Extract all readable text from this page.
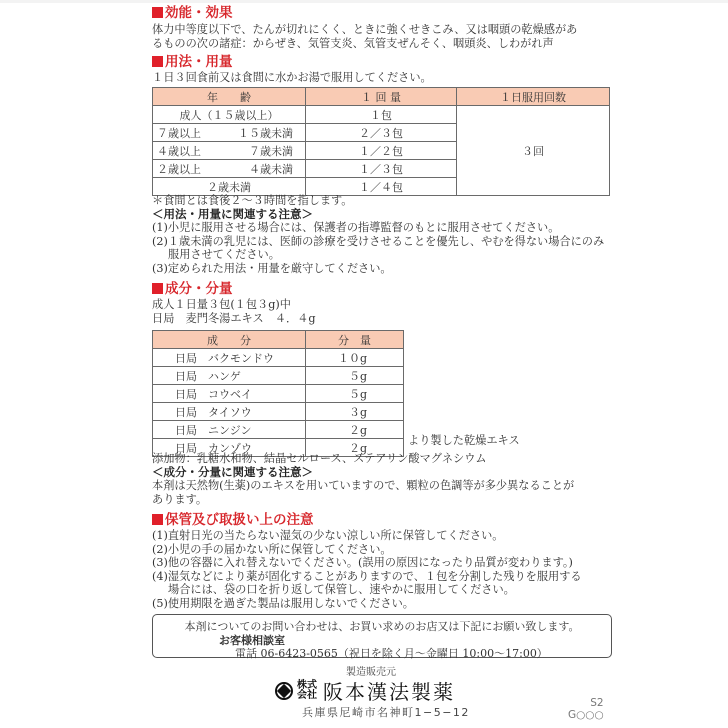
効能・効果
体力中等度以下で、たんが切れにくく、ときに強くせきこみ、又は咽頭の乾燥感があ
るものの次の諸症：からぜき、気管支炎、気管支ぜんそく、咽頭炎、しわがれ声
用法・用量
１日３回食前又は食間に水かお湯で服用してください。
年　　齢	１ 回 量	１日服用回数
成人（１５歳以上）	１包	３回

７歳以上 １５歳未満	２／３包	

４歳以上 ７歳未満	１／２包	

２歳以上 ４歳未満	１／３包	
２歳未満	１／４包	
＊食間とは食後２～３時間を指します。
＜用法・用量に関連する注意＞
(1)小児に服用させる場合には、保護者の指導監督のもとに服用させてください。
(2)１歳未満の乳児には、医師の診療を受けさせることを優先し、やむを得ない場合にのみ
服用させてください。
(3)定められた用法・用量を厳守してください。
成分・分量
成人１日量３包(１包３g)中
日局　麦門冬湯エキス　４．４g
成　　分	分　量
日局　バクモンドウ	１０g
日局　ハンゲ	５g
日局　コウベイ	５g
日局　タイソウ	３g
日局　ニンジン	２g
日局　カンゾウ	２g
より製した乾燥エキス
添加物：乳糖水和物、結晶セルロース、ステアリン酸マグネシウム
＜成分・分量に関連する注意＞
本剤は天然物(生薬)のエキスを用いていますので、顆粒の色調等が多少異なることが
あります。
保管及び取扱い上の注意
(1)直射日光の当たらない湿気の少ない涼しい所に保管してください。
(2)小児の手の届かない所に保管してください。
(3)他の容器に入れ替えないでください。(誤用の原因になったり品質が変わります。)
(4)湿気などにより薬が固化することがありますので、１包を分割した残りを服用する
場合には、袋の口を折り返して保管し、速やかに服用してください。
(5)使用期限を過ぎた製品は服用しないでください。
本剤についてのお問い合わせは、お買い求めのお店又は下記にお願い致します。
お客様相談室
電話 06-6423-0565（祝日を除く月～金曜日 10:00～17:00）
製造販売元
株式
会社 阪本漢法製薬
兵庫県尼崎市名神町1−5−12
S2
G○○○
